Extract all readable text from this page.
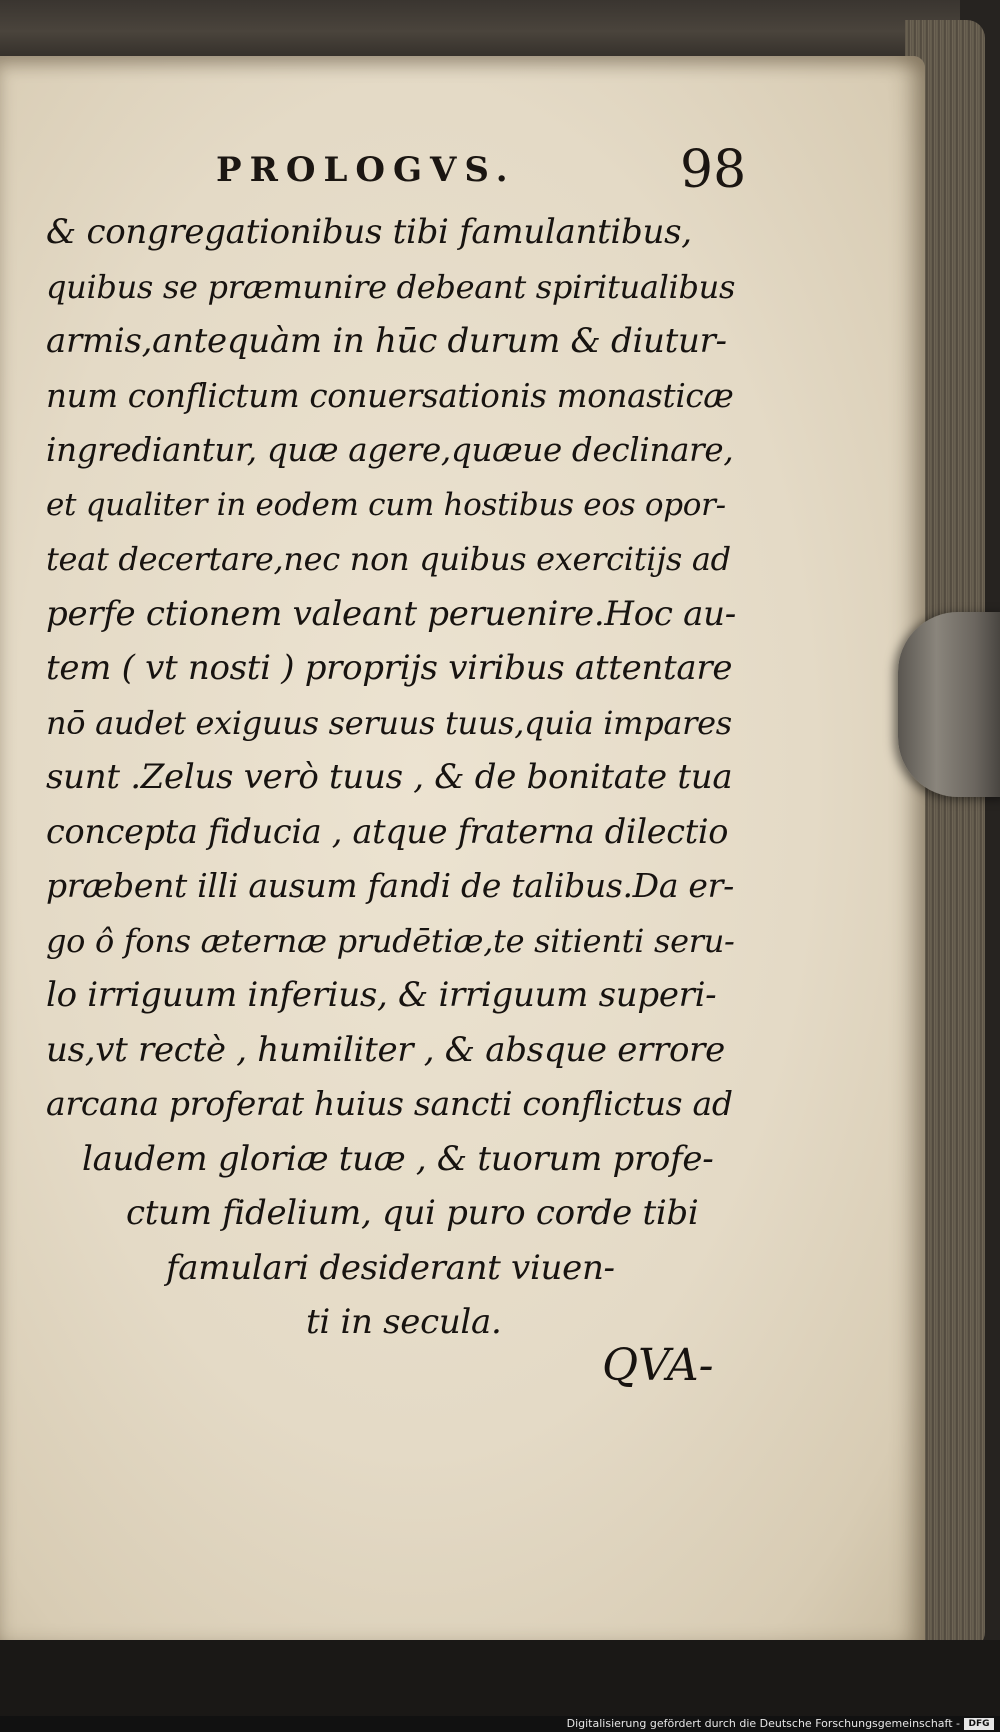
PROLOGVS.	98
& congregationibus tibi famulantibus,
quibus se præmunire debeant spiritualibus
armis,antequàm in hūc durum & diutur-
num conflictum conuersationis monasticæ
ingrediantur, quæ agere,quæue declinare,
et qualiter in eodem cum hostibus eos opor-
teat decertare,nec non quibus exercitijs ad
perfe ctionem valeant peruenire.Hoc au-
tem ( vt nosti ) proprijs viribus attentare
nō audet exiguus seruus tuus,quia impares
sunt .Zelus verò tuus , & de bonitate tua
concepta fiducia , atque fraterna dilectio
præbent illi ausum fandi de talibus.Da er-
go ô fons æternæ prudētiæ,te sitienti seru-
lo irriguum inferius, & irriguum superi-
us,vt rectè , humiliter , & absque errore
arcana proferat huius sancti conflictus ad
laudem gloriæ tuæ , & tuorum profe-
ctum fidelium, qui puro corde tibi
famulari desiderant viuen-
ti in secula.
QVA-
Digitalisierung gefördert durch die Deutsche Forschungsgemeinschaft - DFG
